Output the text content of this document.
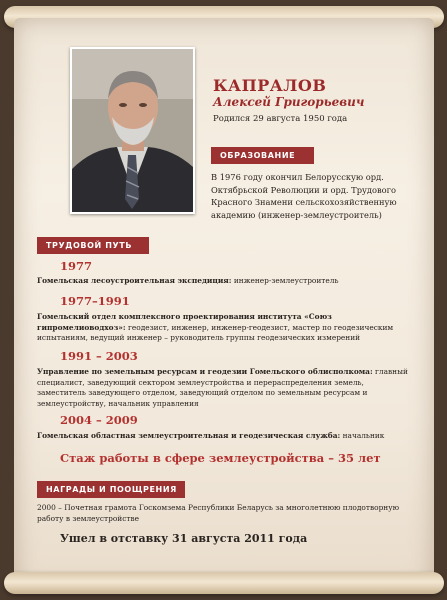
КАПРАЛОВ
Алексей Григорьевич
Родился 29 августа 1950 года
ОБРАЗОВАНИЕ
В 1976 году окончил Белорусскую орд. Октябрьской Революции и орд. Трудового Красного Знамени сельскохозяйственную академию (инженер-землеустроитель)
ТРУДОВОЙ ПУТЬ
1977
Гомельская лесоустроительная экспедиция: инженер-землеустроитель
1977–1991
Гомельский отдел комплексного проектирования института «Союз гипромелиоводхоз»: геодезист, инженер, инженер-геодезист, мастер по геодезическим испытаниям, ведущий инженер – руководитель группы геодезических измерений
1991 – 2003
Управление по земельным ресурсам и геодезии Гомельского облисполкома: главный специалист, заведующий сектором землеустройства и перераспределения земель, заместитель заведующего отделом, заведующий отделом по земельным ресурсам и землеустройству, начальник управления
2004 – 2009
Гомельская областная землеустроительная и геодезическая служба: начальник
Стаж работы в сфере землеустройства – 35 лет
НАГРАДЫ И ПООЩРЕНИЯ
2000 – Почетная грамота Госкомзема Республики Беларусь за многолетнюю плодотворную работу в землеустройстве
Ушел в отставку 31 августа 2011 года
